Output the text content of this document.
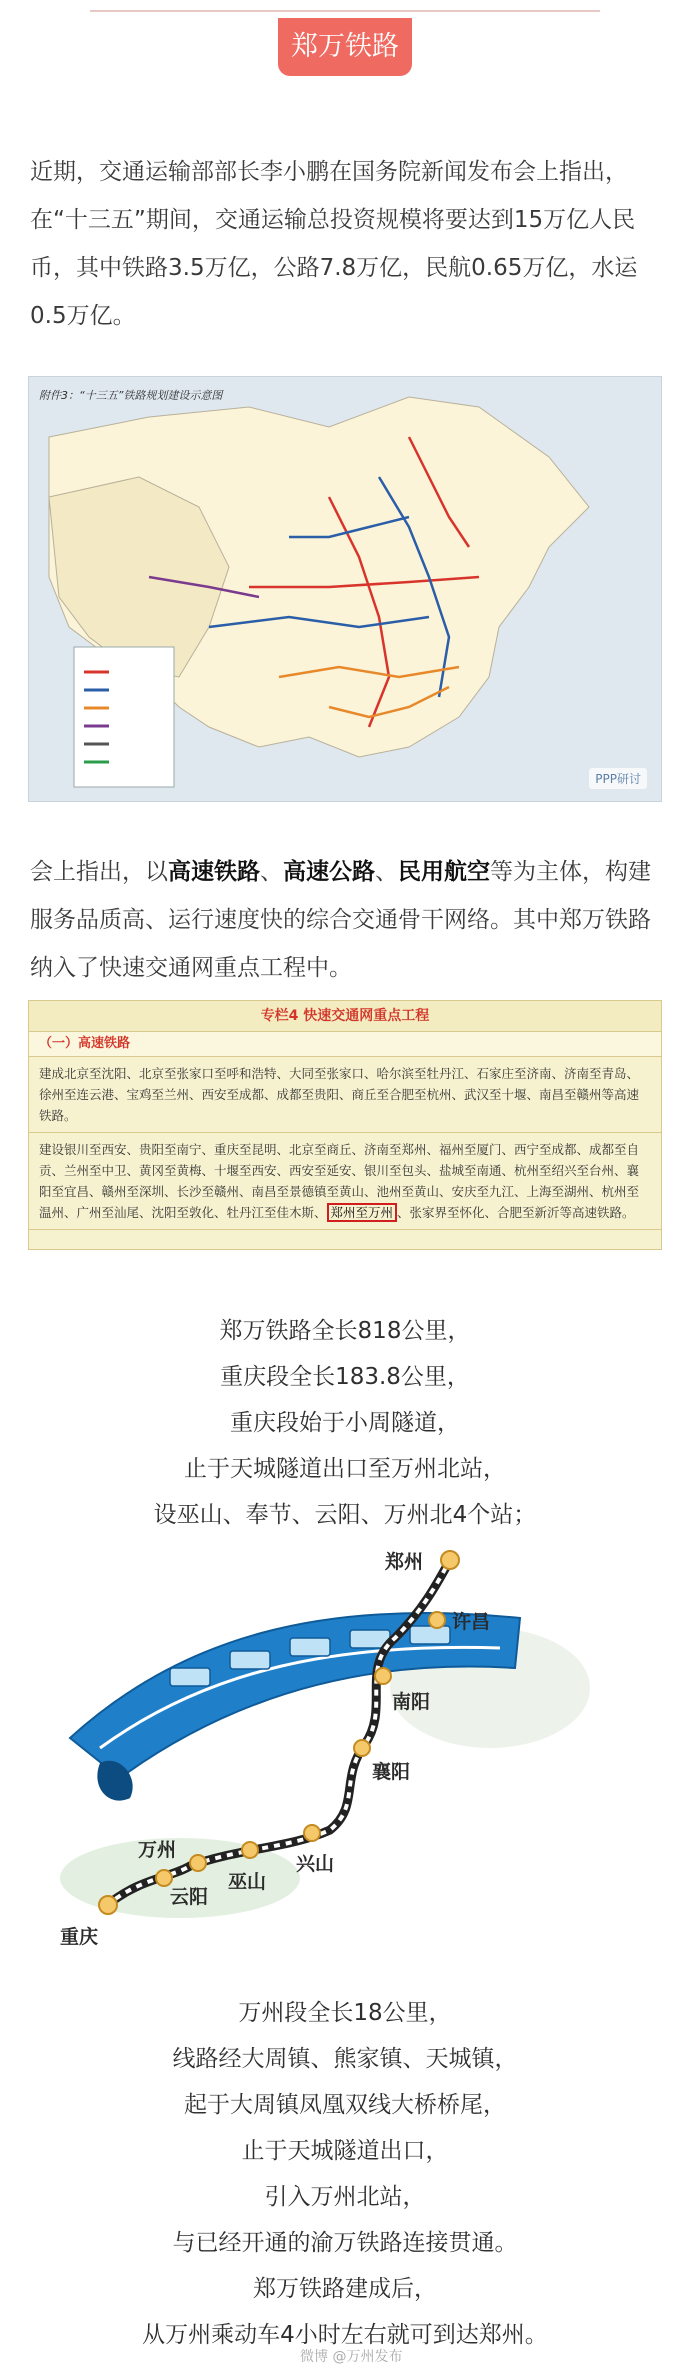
郑万铁路

近期，交通运输部部长李小鹏在国务院新闻发布会上指出，在“十三五”期间，交通运输总投资规模将要达到15万亿人民币，其中铁路3.5万亿，公路7.8万亿，民航0.65万亿，水运0.5万亿。

附件3：“十三五”铁路规划建设示意图
PPP研讨

会上指出，以高速铁路、高速公路、民用航空等为主体，构建服务品质高、运行速度快的综合交通骨干网络。其中郑万铁路纳入了快速交通网重点工程中。

专栏4 快速交通网重点工程
（一）高速铁路
建成北京至沈阳、北京至张家口至呼和浩特、大同至张家口、哈尔滨至牡丹江、石家庄至济南、济南至青岛、徐州至连云港、宝鸡至兰州、西安至成都、成都至贵阳、商丘至合肥至杭州、武汉至十堰、南昌至赣州等高速铁路。
建设银川至西安、贵阳至南宁、重庆至昆明、北京至商丘、济南至郑州、福州至厦门、西宁至成都、成都至自贡、兰州至中卫、黄冈至黄梅、十堰至西安、西安至延安、银川至包头、盐城至南通、杭州至绍兴至台州、襄阳至宜昌、赣州至深圳、长沙至赣州、南昌至景德镇至黄山、池州至黄山、安庆至九江、上海至湖州、杭州至温州、广州至汕尾、沈阳至敦化、牡丹江至佳木斯、 郑州至万州 、张家界至怀化、合肥至新沂等高速铁路。
郑万铁路全长818公里，
重庆段全长183.8公里，
重庆段始于小周隧道，
止于天城隧道出口至万州北站，
设巫山、奉节、云阳、万州北4个站；
郑州
许昌
南阳
襄阳
兴山
巫山
云阳
万州
重庆
万州段全长18公里，
线路经大周镇、熊家镇、天城镇，
起于大周镇凤凰双线大桥桥尾，
止于天城隧道出口，
引入万州北站，
与已经开通的渝万铁路连接贯通。
郑万铁路建成后，
从万州乘动车4小时左右就可到达郑州。
微博 @万州发布
